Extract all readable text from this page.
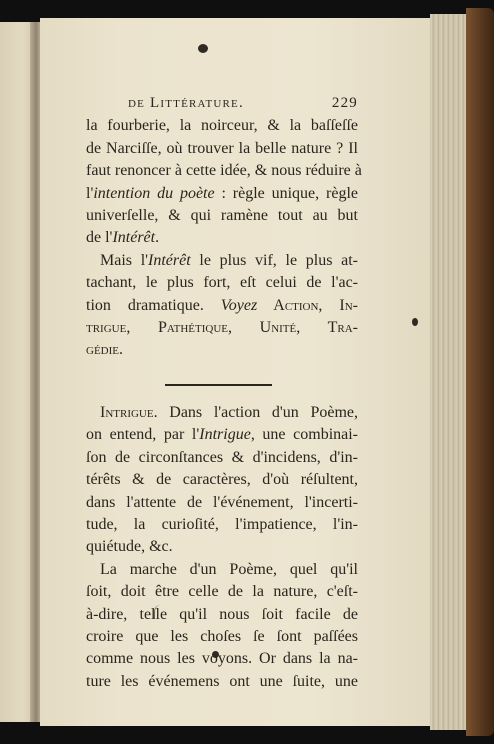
de Littérature.	229
la fourberie, la noirceur, & la baſſeſſe
de Narciſſe, où trouver la belle nature ? Il
faut renoncer à cette idée, & nous réduire à
l'intention du poète : règle unique, règle
univerſelle, & qui ramène tout au but
de l'Intérêt.
Mais l'Intérêt le plus vif, le plus at-
tachant, le plus fort, eſt celui de l'ac-
tion dramatique. Voyez Action, In-
trigue, Pathétique, Unité, Tra-
gédie.
Intrigue. Dans l'action d'un Poème,
on entend, par l'Intrigue, une combinai-
ſon de circonſtances & d'incidens, d'in-
térêts & de caractères, d'où réſultent,
dans l'attente de l'événement, l'incerti-
tude, la curioſité, l'impatience, l'in-
quiétude, &c.
La marche d'un Poème, quel qu'il
ſoit, doit être celle de la nature, c'eſt-
à-dire, telle qu'il nous ſoit facile de
croire que les choſes ſe ſont paſſées
comme nous les voyons. Or dans la na-
ture les événemens ont une ſuite, une
